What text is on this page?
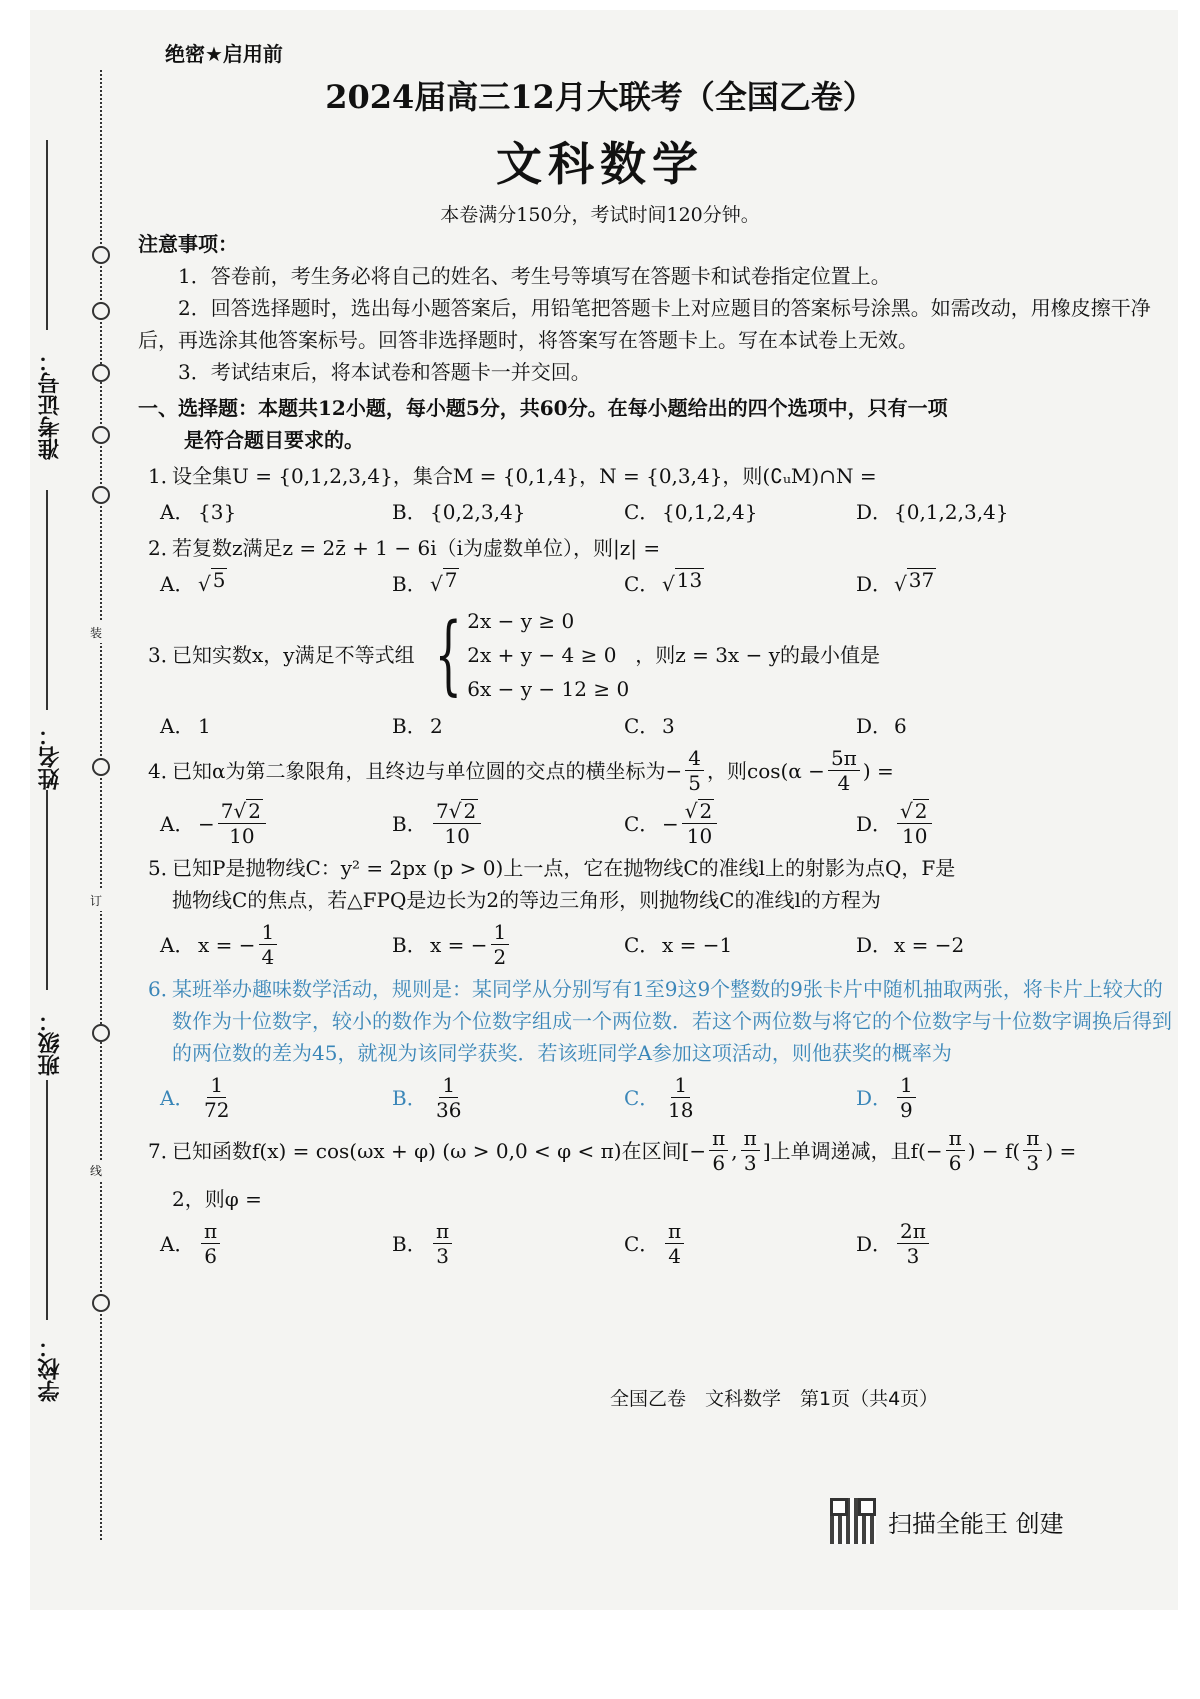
装
订
线
准考证号：
姓名：
班级：
学校：
绝密★启用前
2024届高三12月大联考（全国乙卷）
文科数学
本卷满分150分，考试时间120分钟。
注意事项：

1．答卷前，考生务必将自己的姓名、考生号等填写在答题卡和试卷指定位置上。

2．回答选择题时，选出每小题答案后，用铅笔把答题卡上对应题目的答案标号涂黑。如需改动，用橡皮擦干净后，再选涂其他答案标号。回答非选择题时，将答案写在答题卡上。写在本试卷上无效。

3．考试结束后，将本试卷和答题卡一并交回。

一、选择题：本题共12小题，每小题5分，共60分。在每小题给出的四个选项中，只有一项
是符合题目要求的。
1．设全集U = {0,1,2,3,4}，集合M = {0,1,4}，N = {0,3,4}，则(∁ᵤM)∩N =
A． {3}	B． {0,2,3,4}	C． {0,1,2,4}	D． {0,1,2,3,4}
2．若复数z满足z = 2z̄ + 1 − 6i（i为虚数单位），则|z| =
A． √ 5	B． √ 7	C． √ 13	D． √ 37
3．
已知实数x，y满足不等式组 { 2x − y ≥ 0
2x + y − 4 ≥ 0
6x − y − 12 ≥ 0
，则z = 3x − y的最小值是
A． 1	B． 2	C． 3	D． 6
4．
已知α为第二象限角，且终边与单位圆的交点的横坐标为− $\frac{4}{5}$ ，则$\cos(\alpha - \frac{5\pi}{4}$ ) =
A． − $\frac{7√ 2}{10}$	B． $\frac{7√ 2}{10}$	C． − $\frac{√ 2}{10}$	D． $\frac{√ 2}{10}$
5．已知P是抛物线C：y² = 2px (p > 0)上一点，它在抛物线C的准线l上的射影为点Q，F是
抛物线C的焦点，若△FPQ是边长为2的等边三角形，则抛物线C的准线l的方程为
A． x = − $\frac{1}{4}$	B． x = − $\frac{1}{2}$	C． x = −1	D． x = −2
6．
某班举办趣味数学活动，规则是：某同学从分别写有1至9这9个整数的9张卡片中随机抽取两张，将卡片上较大的数作为十位数字，较小的数作为个位数字组成一个两位数．若这个两位数与将它的个位数字与十位数字调换后得到的两位数的差为45，就视为该同学获奖．若该班同学A参加这项活动，则他获奖的概率为
A． $\frac{1}{72}$	B． $\frac{1}{36}$	C． $\frac{1}{18}$	D． $\frac{1}{9}$
7．
已知函数f(x) = cos(ωx + φ) (ω > 0,0 < φ < π)在区间[− $\frac{\pi}{6}$ , $\frac{\pi}{3}$ ]上单调递减，且$f(- \frac{\pi}{6}$ ) − $f( \frac{\pi}{3}$ ) =
2，则φ =
A． $\frac{\pi}{6}$	B． $\frac{\pi}{3}$	C． $\frac{\pi}{4}$	D． $\frac{2\pi}{3}$
全国乙卷　文科数学　第1页（共4页）
扫描全能王 创建
